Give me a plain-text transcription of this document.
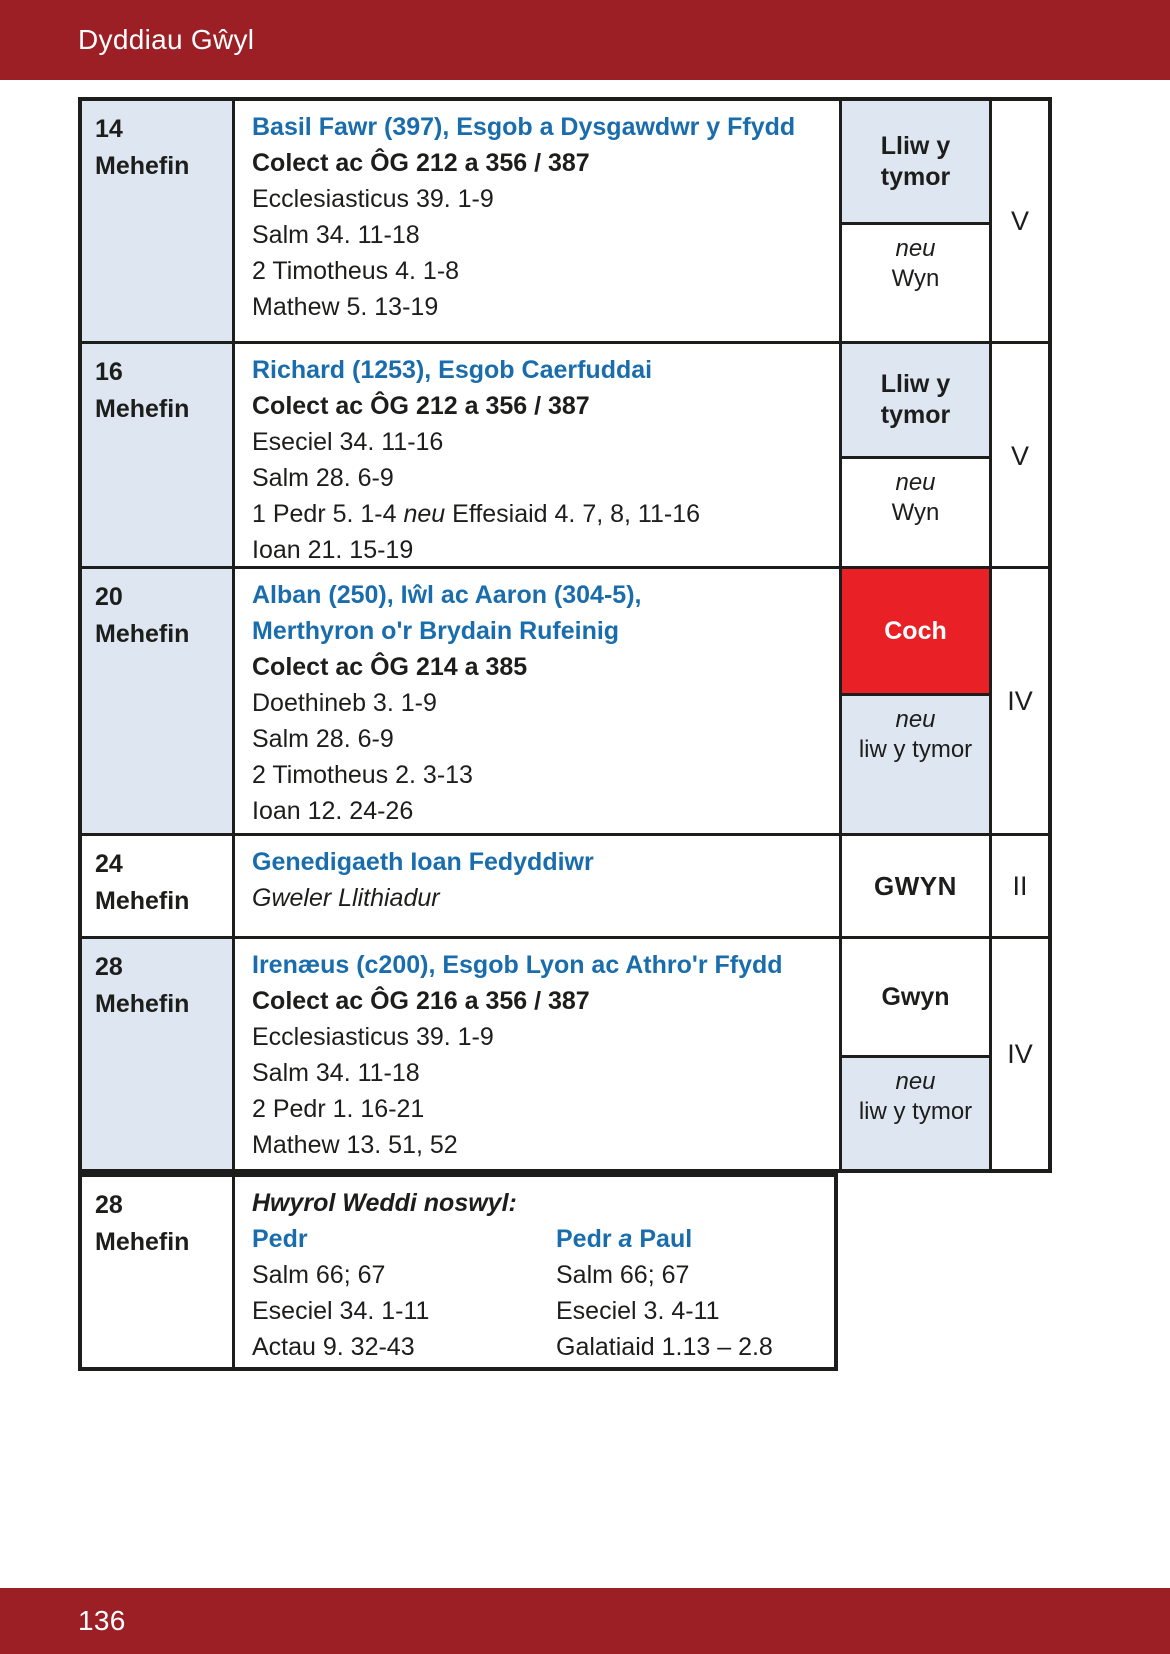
Dyddiau Gŵyl
14
Mehefin
Basil Fawr (397), Esgob a Dysgawdwr y Ffydd
Colect ac ÔG 212 a 356 / 387
Ecclesiasticus 39. 1-9
Salm 34. 11-18
2 Timotheus 4. 1-8
Mathew 5. 13-19
Lliw y tymor
neu
Wyn
V
16
Mehefin
Richard (1253), Esgob Caerfuddai
Colect ac ÔG 212 a 356 / 387
Eseciel 34. 11-16
Salm 28. 6-9
1 Pedr 5. 1-4 neu Effesiaid 4. 7, 8, 11-16
Ioan 21. 15-19
Lliw y tymor
neu
Wyn
V
20
Mehefin
Alban (250), Iŵl ac Aaron (304-5),
Merthyron o'r Brydain Rufeinig
Colect ac ÔG 214 a 385
Doethineb 3. 1-9
Salm 28. 6-9
2 Timotheus 2. 3-13
Ioan 12. 24-26
Coch
neu
liw y tymor
IV
24
Mehefin
Genedigaeth Ioan Fedyddiwr
Gweler Llithiadur	GWYN	II
28
Mehefin
Irenæus (c200), Esgob Lyon ac Athro'r Ffydd
Colect ac ÔG 216 a 356 / 387
Ecclesiasticus 39. 1-9
Salm 34. 11-18
2 Pedr 1. 16-21
Mathew 13. 51, 52
Gwyn
neu
liw y tymor
IV
28
Mehefin
Hwyrol Weddi noswyl:
Pedr
Salm 66; 67
Eseciel 34. 1-11
Actau 9. 32-43
Pedr a Paul
Salm 66; 67
Eseciel 3. 4-11
Galatiaid 1.13 – 2.8
136
